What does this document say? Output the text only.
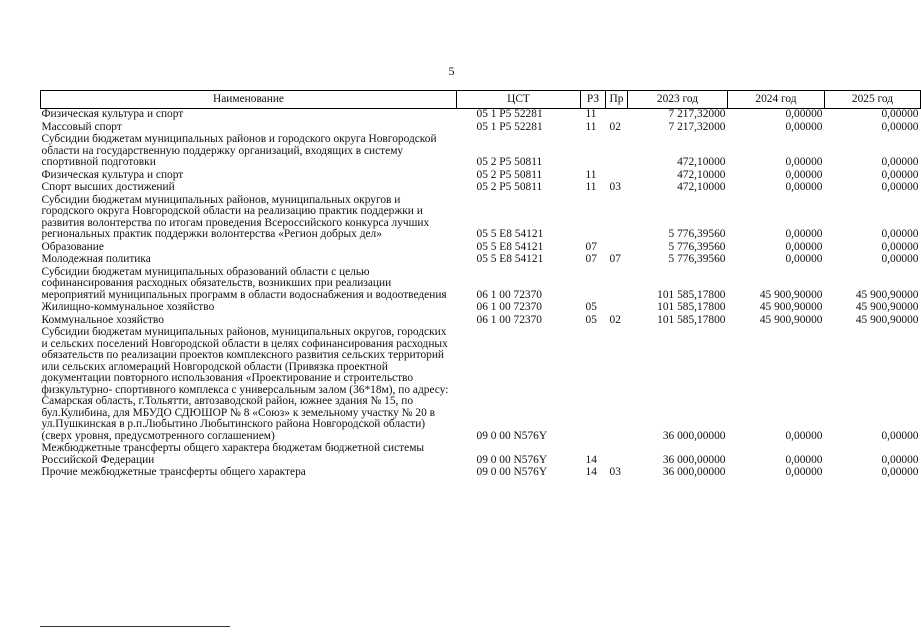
5
Наименование	ЦСТ	РЗ	Пр	2023 год	2024 год	2025 год
Физическая культура и спорт	05 1 Р5 52281	11		7 217,32000	0,00000	0,00000
Массовый спорт	05 1 Р5 52281	11	02	7 217,32000	0,00000	0,00000
Субсидии бюджетам муниципальных районов и городского округа Новгородской области на государственную поддержку организаций, входящих в систему спортивной подготовки	05 2 Р5 50811			472,10000	0,00000	0,00000
Физическая культура и спорт	05 2 Р5 50811	11		472,10000	0,00000	0,00000
Спорт высших достижений	05 2 Р5 50811	11	03	472,10000	0,00000	0,00000
Субсидии бюджетам муниципальных районов, муниципальных округов и городского округа Новгородской области на реализацию практик поддержки и развития волонтерства по итогам проведения Всероссийского конкурса лучших региональных практик поддержки волонтерства «Регион добрых дел»	05 5 Е8 54121			5 776,39560	0,00000	0,00000
Образование	05 5 Е8 54121	07		5 776,39560	0,00000	0,00000
Молодежная политика	05 5 Е8 54121	07	07	5 776,39560	0,00000	0,00000
Субсидии бюджетам муниципальных образований области с целью софинансирования расходных обязательств, возникших при реализации мероприятий муниципальных программ в области водоснабжения и водоотведения	06 1 00 72370			101 585,17800	45 900,90000	45 900,90000
Жилищно-коммунальное хозяйство	06 1 00 72370	05		101 585,17800	45 900,90000	45 900,90000
Коммунальное хозяйство	06 1 00 72370	05	02	101 585,17800	45 900,90000	45 900,90000
Субсидии бюджетам муниципальных районов, муниципальных округов, городских и сельских поселений Новгородской области в целях софинансирования расходных обязательств по реализации проектов комплексного развития сельских территорий или сельских агломераций Новгородской области (Привязка проектной документации повторного использования «Проектирование и строительство физкультурно- спортивного комплекса с универсальным залом (36*18м), по адресу: Самарская область, г.Тольятти, автозаводской район, южнее здания № 15, по бул.Кулибина, для МБУДО СДЮШОР № 8 «Союз» к земельному участку № 20 в ул.Пушкинская в р.п.Любытино Любытинского района Новгородской области) (сверх уровня, предусмотренного соглашением)	09 0 00 N576Y			36 000,00000	0,00000	0,00000
Межбюджетные трансферты общего характера бюджетам бюджетной системы Российской Федерации	09 0 00 N576Y	14		36 000,00000	0,00000	0,00000
Прочие межбюджетные трансферты общего характера	09 0 00 N576Y	14	03	36 000,00000	0,00000	0,00000
